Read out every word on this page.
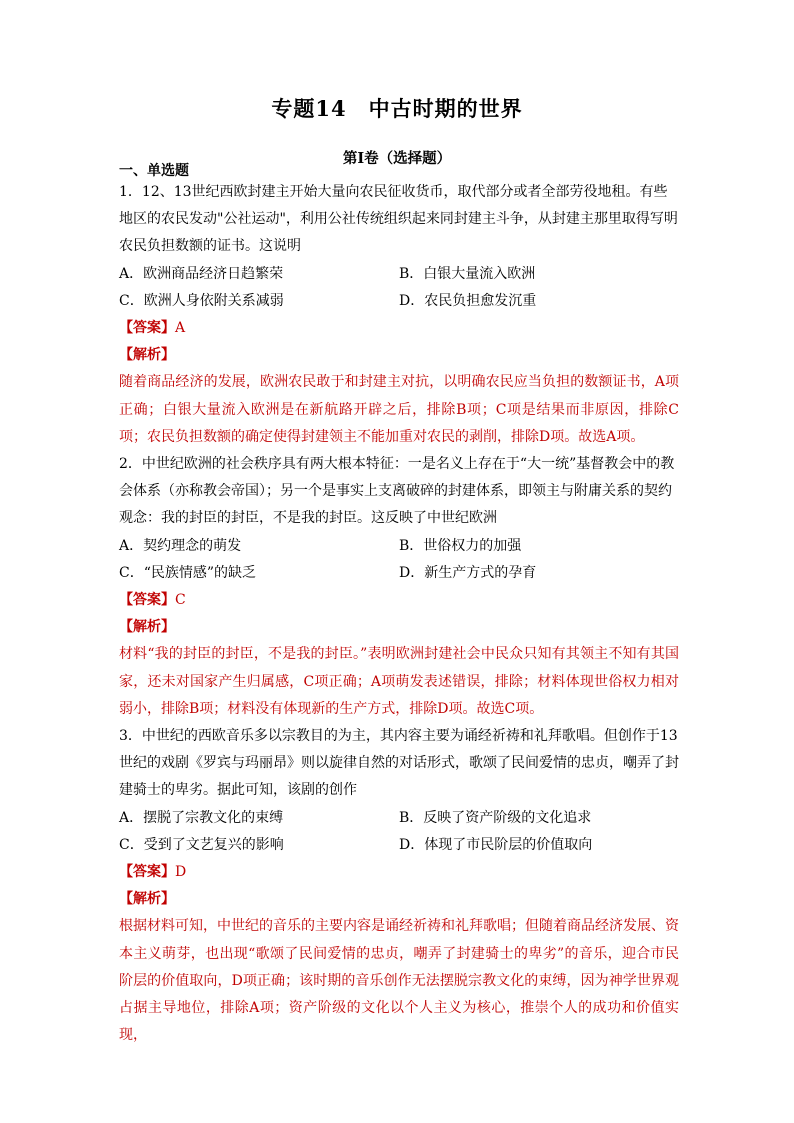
专题14　中古时期的世界
第I卷（选择题）
一、单选题

1．12、13世纪西欧封建主开始大量向农民征收货币，取代部分或者全部劳役地租。有些地区的农民发动"公社运动"，利用公社传统组织起来同封建主斗争，从封建主那里取得写明农民负担数额的证书。这说明

A．欧洲商品经济日趋繁荣	B．白银大量流入欧洲
C．欧洲人身依附关系减弱	D．农民负担愈发沉重

【答案】A

【解析】

随着商品经济的发展，欧洲农民敢于和封建主对抗，以明确农民应当负担的数额证书，A项正确；白银大量流入欧洲是在新航路开辟之后，排除B项；C项是结果而非原因，排除C项；农民负担数额的确定使得封建领主不能加重对农民的剥削，排除D项。故选A项。

2．中世纪欧洲的社会秩序具有两大根本特征：一是名义上存在于“大一统”基督教会中的教会体系（亦称教会帝国）；另一个是事实上支离破碎的封建体系，即领主与附庸关系的契约观念：我的封臣的封臣，不是我的封臣。这反映了中世纪欧洲

A．契约理念的萌发	B．世俗权力的加强
C．“民族情感”的缺乏	D．新生产方式的孕育

【答案】C

【解析】

材料“我的封臣的封臣，不是我的封臣。”表明欧洲封建社会中民众只知有其领主不知有其国家，还未对国家产生归属感，C项正确；A项萌发表述错误，排除；材料体现世俗权力相对弱小，排除B项；材料没有体现新的生产方式，排除D项。故选C项。

3．中世纪的西欧音乐多以宗教目的为主，其内容主要为诵经祈祷和礼拜歌唱。但创作于13世纪的戏剧《罗宾与玛丽昂》则以旋律自然的对话形式，歌颂了民间爱情的忠贞，嘲弄了封建骑士的卑劣。据此可知，该剧的创作

A．摆脱了宗教文化的束缚	B．反映了资产阶级的文化追求
C．受到了文艺复兴的影响	D．体现了市民阶层的价值取向

【答案】D

【解析】

根据材料可知，中世纪的音乐的主要内容是诵经祈祷和礼拜歌唱；但随着商品经济发展、资本主义萌芽，也出现“歌颂了民间爱情的忠贞，嘲弄了封建骑士的卑劣”的音乐，迎合市民阶层的价值取向，D项正确；该时期的音乐创作无法摆脱宗教文化的束缚，因为神学世界观占据主导地位，排除A项；资产阶级的文化以个人主义为核心，推崇个人的成功和价值实现，
